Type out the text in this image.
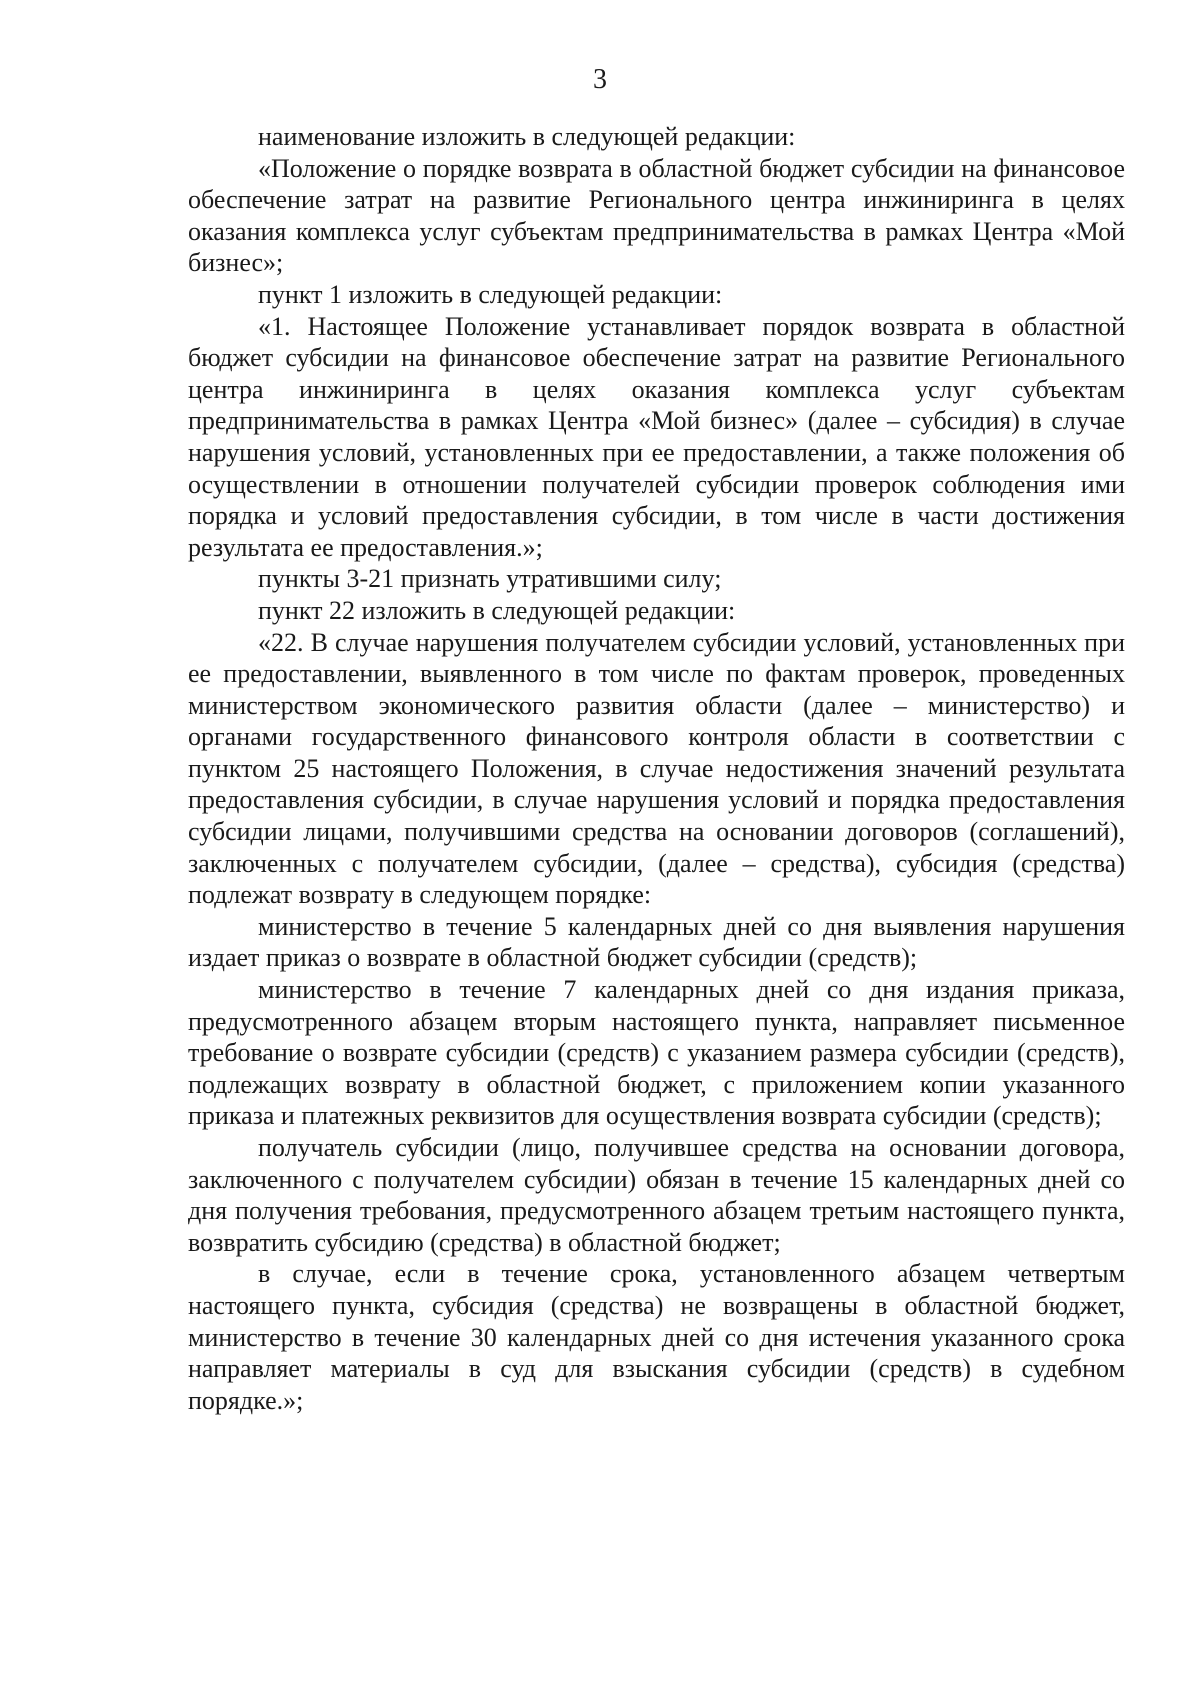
3

наименование изложить в следующей редакции:

«Положение о порядке возврата в областной бюджет субсидии на финансовое обеспечение затрат на развитие Регионального центра инжиниринга в целях оказания комплекса услуг субъектам предпринимательства в рамках Центра «Мой бизнес»;

пункт 1 изложить в следующей редакции:

«1. Настоящее Положение устанавливает порядок возврата в областной бюджет субсидии на финансовое обеспечение затрат на развитие Регионального центра инжиниринга в целях оказания комплекса услуг субъектам предпринимательства в рамках Центра «Мой бизнес» (далее – субсидия) в случае нарушения условий, установленных при ее предоставлении, а также положения об осуществлении в отношении получателей субсидии проверок соблюдения ими порядка и условий предоставления субсидии, в том числе в части достижения результата ее предоставления.»;

пункты 3-21 признать утратившими силу;

пункт 22 изложить в следующей редакции:

«22. В случае нарушения получателем субсидии условий, установленных при ее предоставлении, выявленного в том числе по фактам проверок, проведенных министерством экономического развития области (далее – министерство) и органами государственного финансового контроля области в соответствии с пунктом 25 настоящего Положения, в случае недостижения значений результата предоставления субсидии, в случае нарушения условий и порядка предоставления субсидии лицами, получившими средства на основании договоров (соглашений), заключенных с получателем субсидии, (далее – средства), субсидия (средства) подлежат возврату в следующем порядке:

министерство в течение 5 календарных дней со дня выявления нарушения издает приказ о возврате в областной бюджет субсидии (средств);

министерство в течение 7 календарных дней со дня издания приказа, предусмотренного абзацем вторым настоящего пункта, направляет письменное требование о возврате субсидии (средств) с указанием размера субсидии (средств), подлежащих возврату в областной бюджет, с приложением копии указанного приказа и платежных реквизитов для осуществления возврата субсидии (средств);

получатель субсидии (лицо, получившее средства на основании договора, заключенного с получателем субсидии) обязан в течение 15 календарных дней со дня получения требования, предусмотренного абзацем третьим настоящего пункта, возвратить субсидию (средства) в областной бюджет;

в случае, если в течение срока, установленного абзацем четвертым настоящего пункта, субсидия (средства) не возвращены в областной бюджет, министерство в течение 30 календарных дней со дня истечения указанного срока направляет материалы в суд для взыскания субсидии (средств) в судебном порядке.»;
